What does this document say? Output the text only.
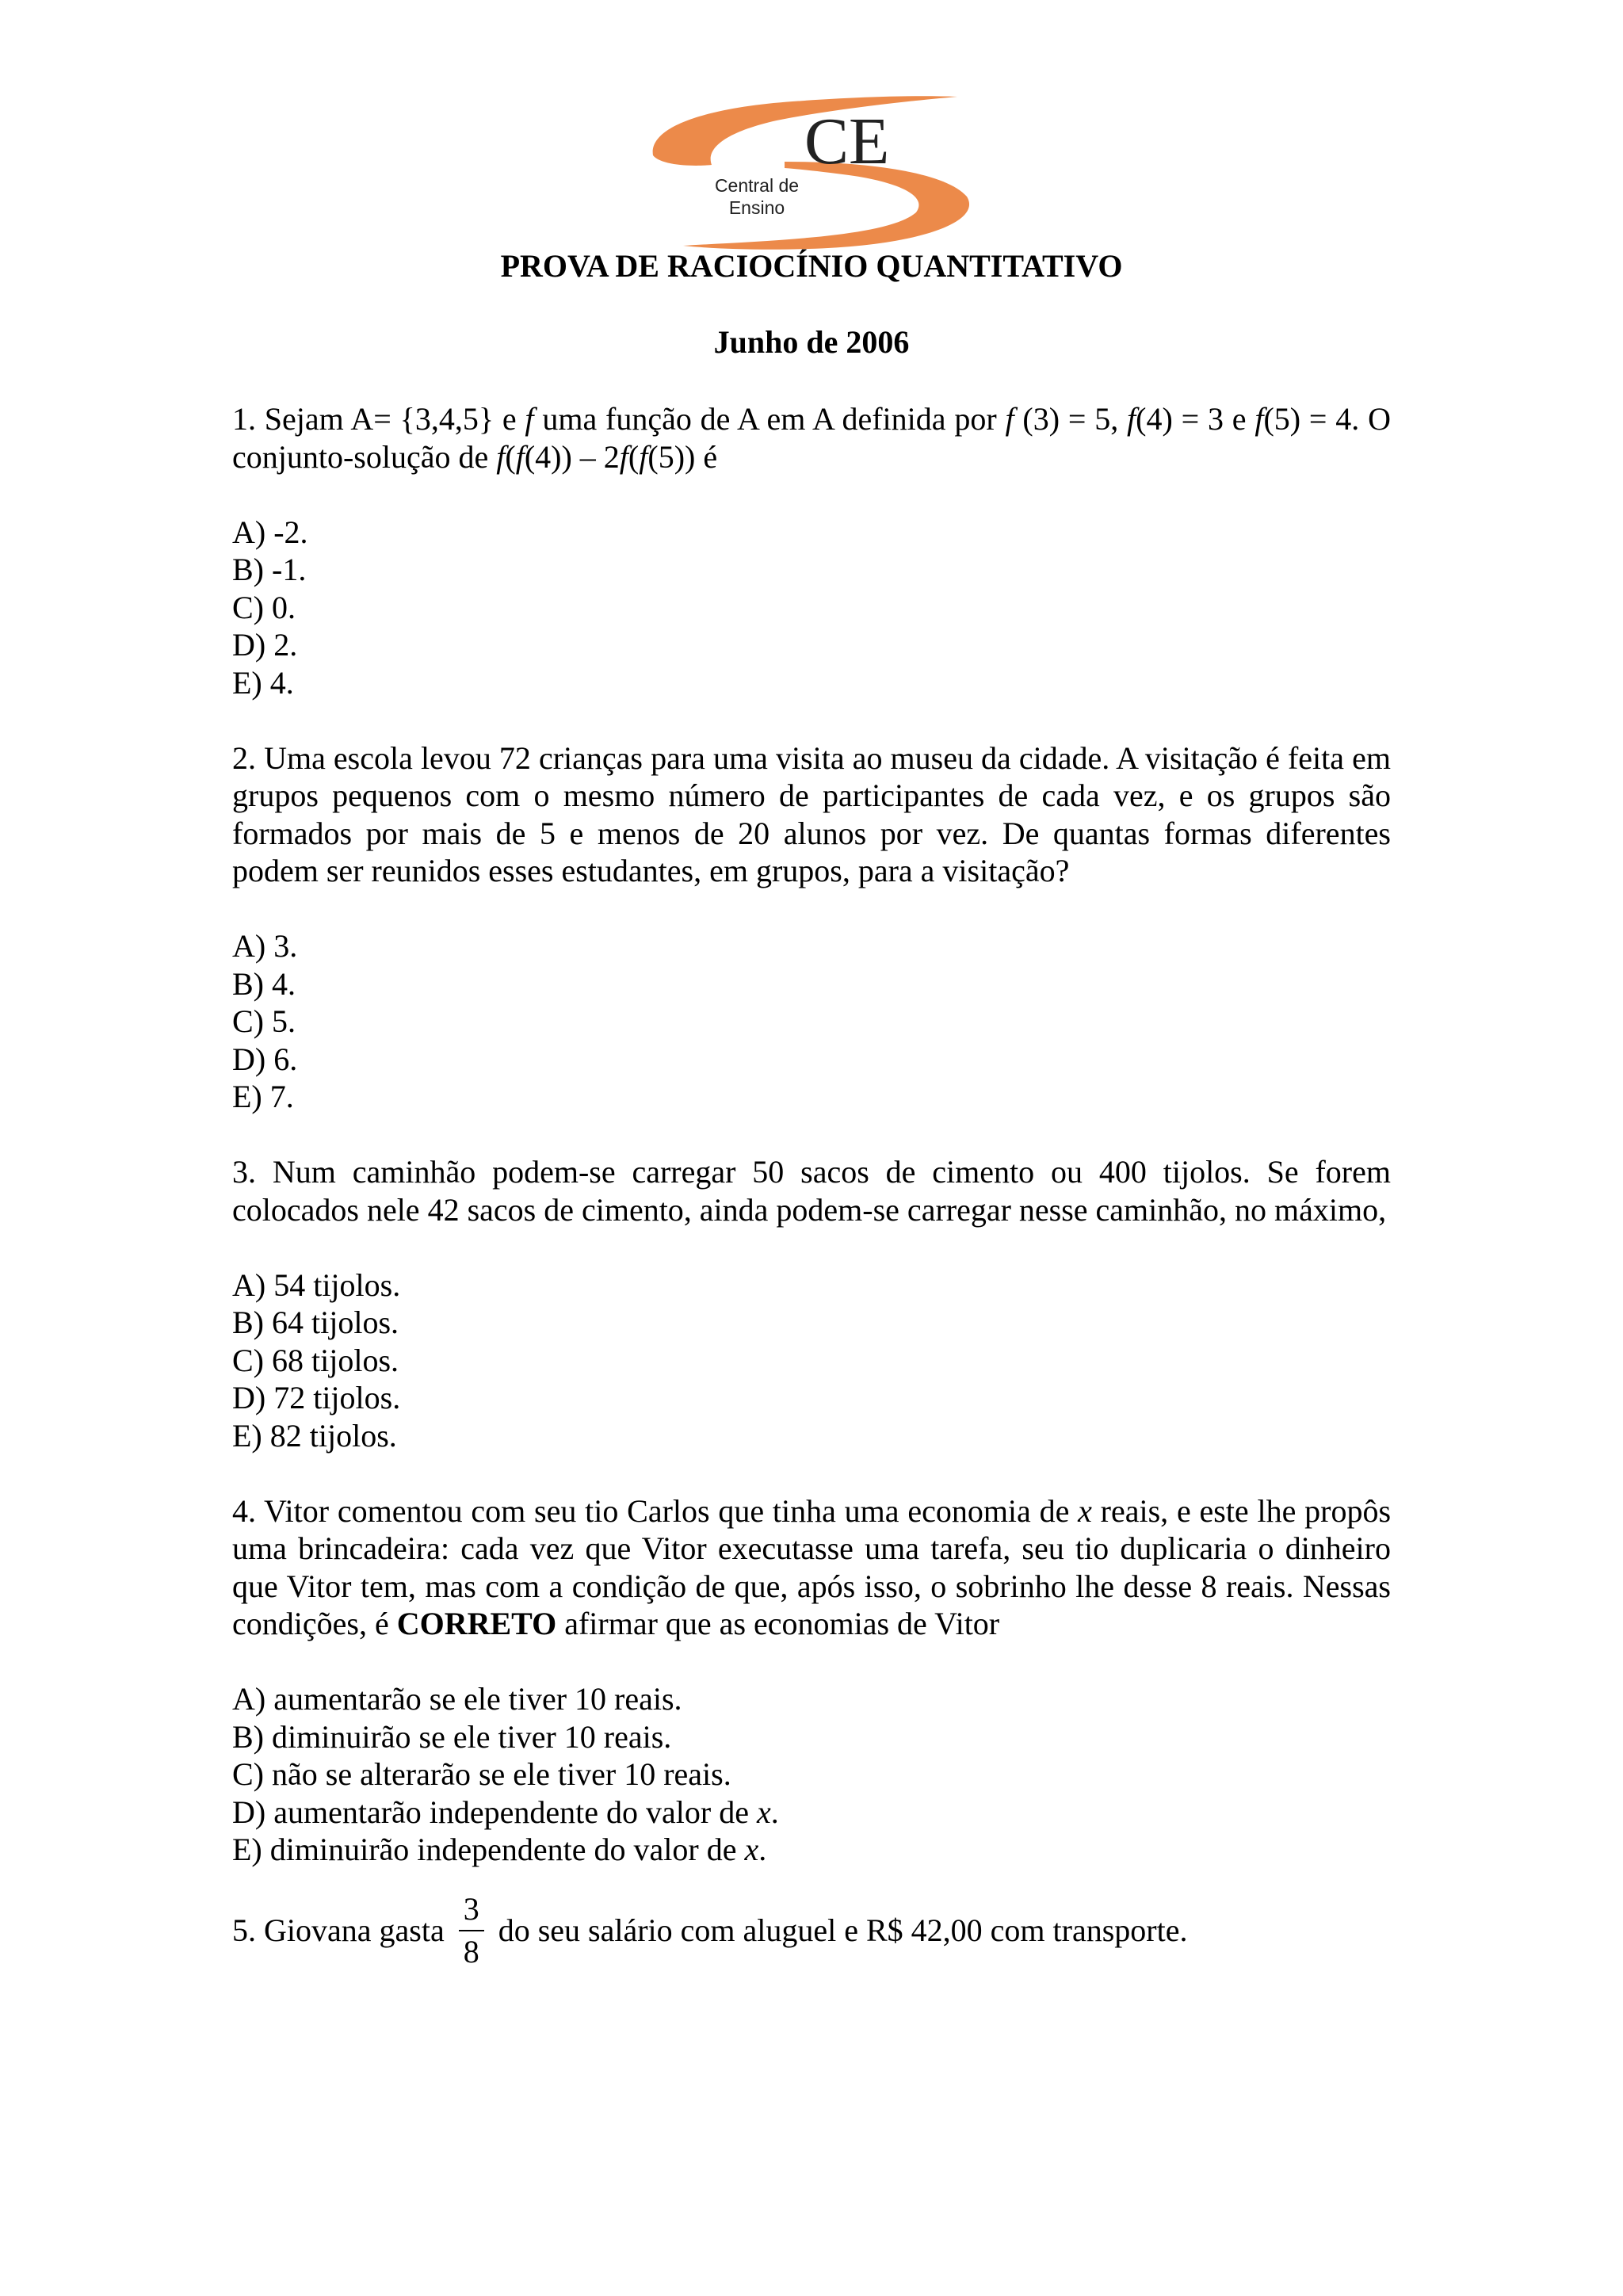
CE
Central de
Ensino
PROVA DE RACIOCÍNIO QUANTITATIVO
Junho de 2006
1. Sejam A= {3,4,5} e f uma função de A em A definida por f (3) = 5, f(4) = 3 e f(5) = 4. O conjunto-solução de f(f(4)) – 2f(f(5)) é
A) -2.
B) -1.
C) 0.
D) 2.
E) 4.
2. Uma escola levou 72 crianças para uma visita ao museu da cidade. A visitação é feita em grupos pequenos com o mesmo número de participantes de cada vez, e os grupos são formados por mais de 5 e menos de 20 alunos por vez. De quantas formas diferentes podem ser reunidos esses estudantes, em grupos, para a visitação?
A) 3.
B) 4.
C) 5.
D) 6.
E) 7.
3. Num caminhão podem-se carregar 50 sacos de cimento ou 400 tijolos. Se forem colocados nele 42 sacos de cimento, ainda podem-se carregar nesse caminhão, no máximo,
A) 54 tijolos.
B) 64 tijolos.
C) 68 tijolos.
D) 72 tijolos.
E) 82 tijolos.
4. Vitor comentou com seu tio Carlos que tinha uma economia de x reais, e este lhe propôs uma brincadeira: cada vez que Vitor executasse uma tarefa, seu tio duplicaria o dinheiro que Vitor tem, mas com a condição de que, após isso, o sobrinho lhe desse 8 reais. Nessas condições, é CORRETO afirmar que as economias de Vitor
A) aumentarão se ele tiver 10 reais.
B) diminuirão se ele tiver 10 reais.
C) não se alterarão se ele tiver 10 reais.
D) aumentarão independente do valor de x.
E) diminuirão independente do valor de x.
5. Giovana gasta $\frac{3}{8}$ do seu salário com aluguel e R$ 42,00 com transporte.
